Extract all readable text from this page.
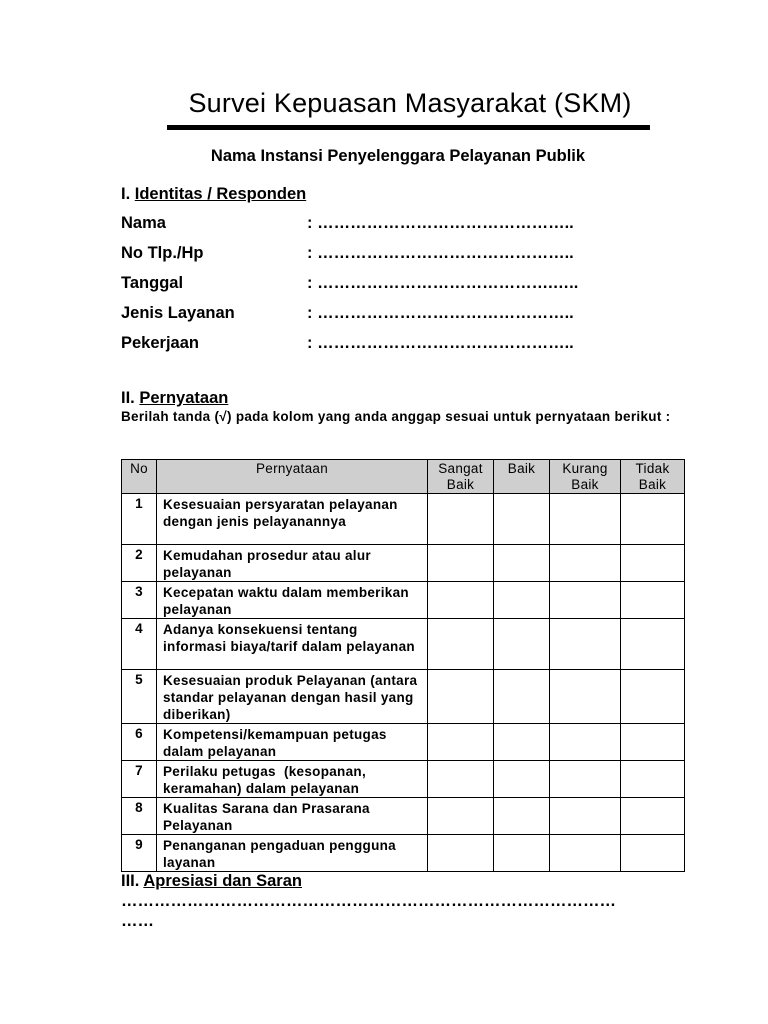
Survei Kepuasan Masyarakat (SKM)
Nama Instansi Penyelenggara Pelayanan Publik
I. Identitas / Responden
Nama	: ………………………………………..
No Tlp./Hp	: ………………………………………..
Tanggal	: …………………………………….…..
Jenis Layanan	: ………………………………………..
Pekerjaan	: ………………………………………..
II. Pernyataan
Berilah tanda (√) pada kolom yang anda anggap sesuai untuk pernyataan berikut :
No	Pernyataan	Sangat Baik	Baik	Kurang Baik	Tidak Baik
1	Kesesuaian persyaratan pelayanan dengan jenis pelayanannya				
2	Kemudahan prosedur atau alur pelayanan				
3	Kecepatan waktu dalam memberikan pelayanan				
4	Adanya konsekuensi tentang informasi biaya/tarif dalam pelayanan				
5	Kesesuaian produk Pelayanan (antara standar pelayanan dengan hasil yang diberikan)				
6	Kompetensi/kemampuan petugas dalam pelayanan				
7	Perilaku petugas  (kesopanan, keramahan) dalam pelayanan				
8	Kualitas Sarana dan Prasarana Pelayanan				
9	Penanganan pengaduan pengguna layanan				
III. Apresiasi dan Saran
………………………………………………………………………………
……
